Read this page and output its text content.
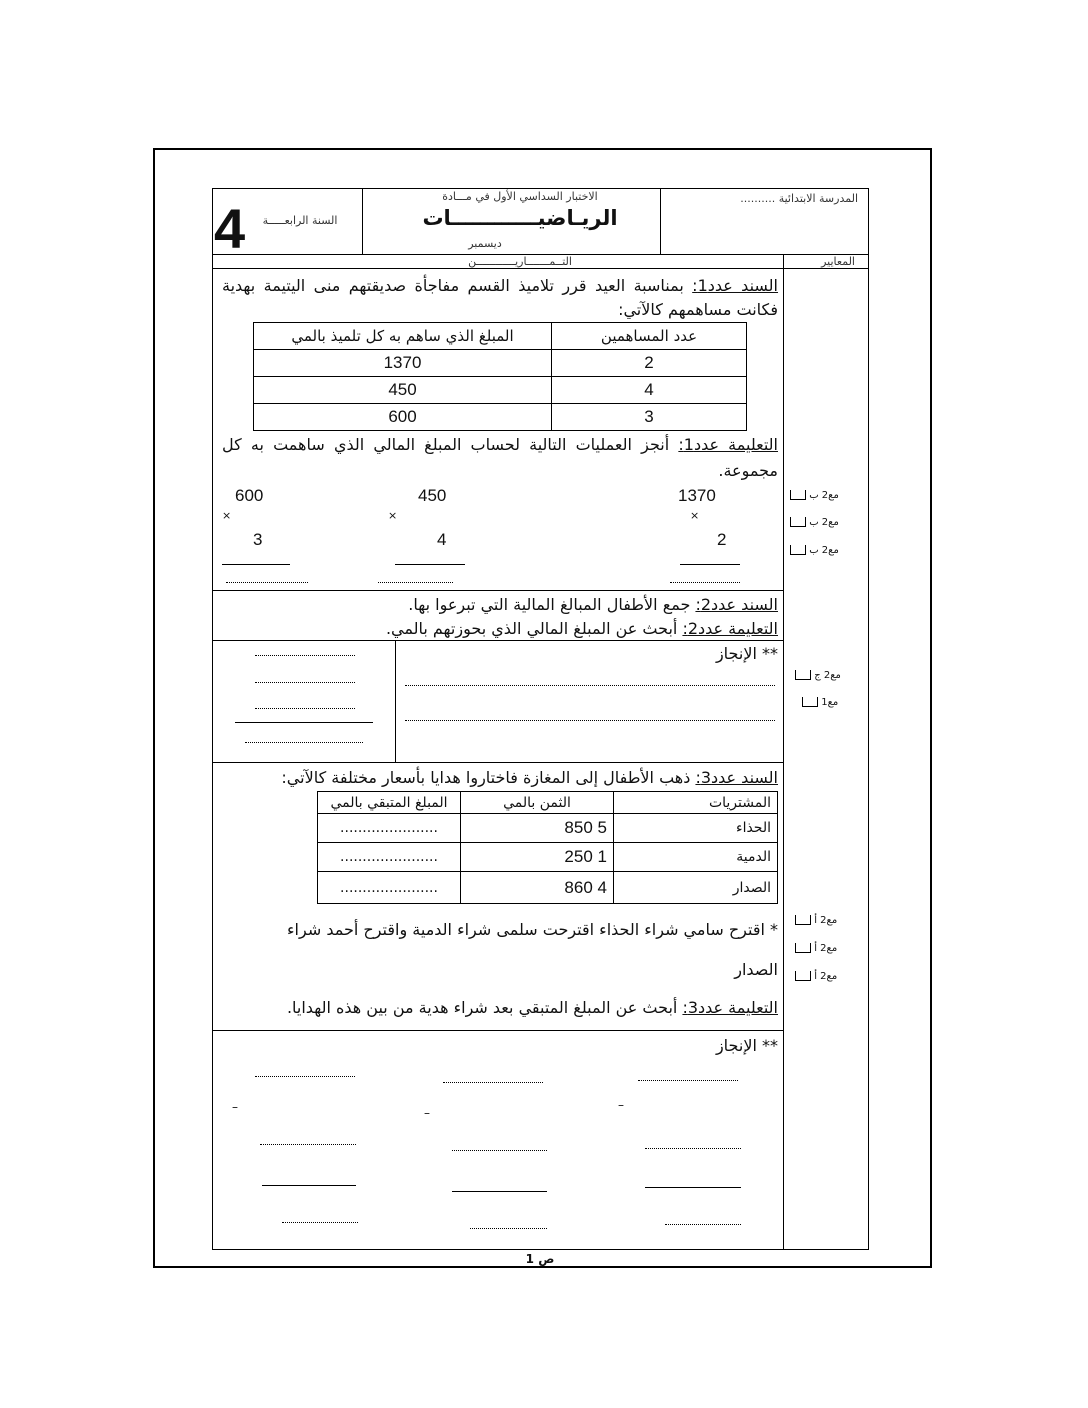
المدرسة الابتدائية ..........
الاختبار السداسي الأول في مـــادة
الريـاضيــــــــــــات
ديسمبر
السنة الرابعـــــة
4
المعايير
التــمـــــــاريــــــــــــن
السند عدد1: بمناسبة العيد قرر تلاميذ القسم مفاجأة صديقتهم منى اليتيمة بهدية فكانت مساهمهم كالآتي:
عدد المساهمين	المبلغ الذي ساهم به كل تلميذ بالمي
2	1370
4	450
3	600
التعليمة عدد1: أنجز العمليات التالية لحساب المبلغ المالي الذي ساهمت به كل مجموعة.
1370
×
2
450
×
4
600
×
3
مع2 ب
مع2 ب
مع2 ب
السند عدد2: جمع الأطفال المبالغ المالية التي تبرعوا بها.
التعليمة عدد2: أبحث عن المبلغ المالي الذي بحوزتهم بالمي.
** الإنجاز
مع2 ج
مع1
السند عدد3: ذهب الأطفال إلى المغازة فاختاروا هدايا بأسعار مختلفة كالآتي:
المشتريات	الثمن بالمي	المبلغ المتبقي بالمي
الحذاء	5 850	......................
الدمية	1 250	......................
الصدار	4 860	......................
* اقترح سامي شراء الحذاء اقترحت سلمى شراء الدمية واقترح أحمد شراء
الصدار
التعليمة عدد3: أبحث عن المبلغ المتبقي بعد شراء هدية من بين هذه الهدايا.
مع2 أ
مع2 أ
مع2 أ
** الإنجاز
–
–
–
ص 1
